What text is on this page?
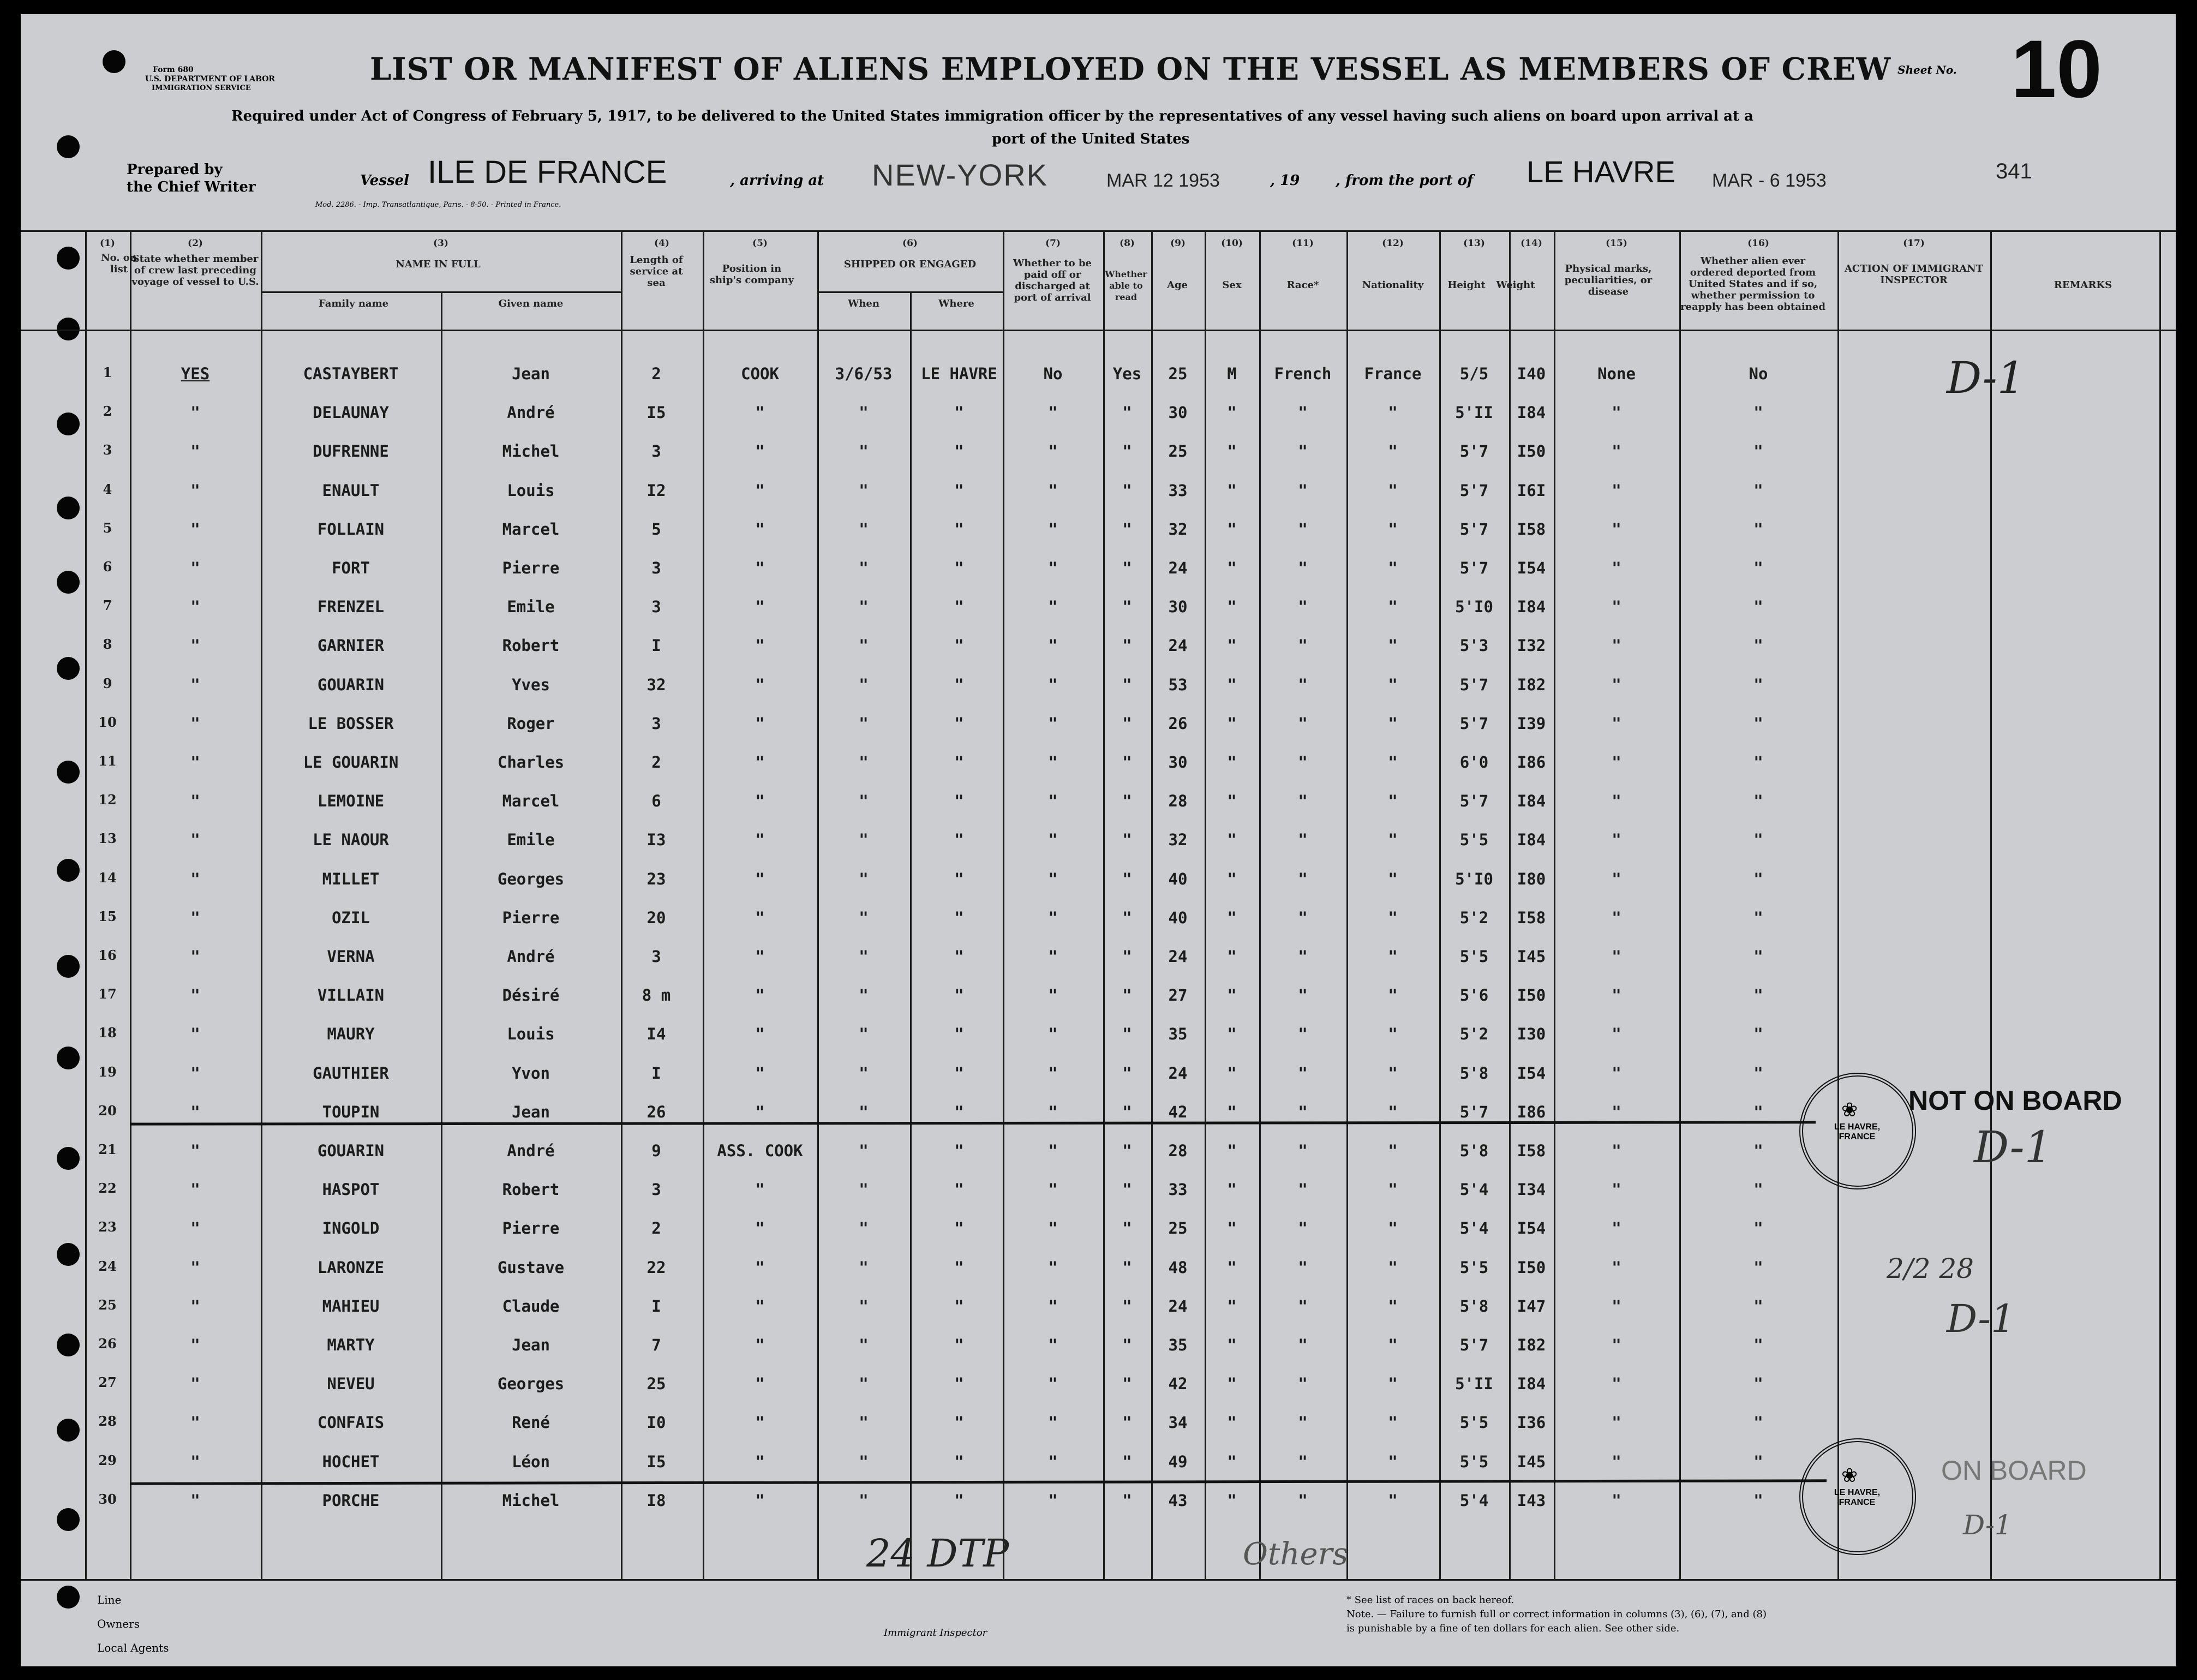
Form 680
U.S. DEPARTMENT OF LABOR
IMMIGRATION SERVICE
LIST OR MANIFEST OF ALIENS EMPLOYED ON THE VESSEL AS MEMBERS OF CREW Sheet No. 10
Required under Act of Congress of February 5, 1917, to be delivered to the United States immigration officer by the representatives of any vessel having such aliens on board upon arrival at a
port of the United States
Prepared by
the Chief Writer	Vessel ILE DE FRANCE	, arriving at NEW-YORK	MAR 12 1953	, 19	, from the port of LE HAVRE MAR - 6 1953	341
Mod. 2286. - Imp. Transatlantique, Paris. - 8-50. - Printed in France.
(1)	(2)	(3)	(4)	(5)	(6)	(7)	(8)	(9)	(10)	(11)	(12)	(13)	(14)	(15)	(16)	(17)
No. on list
State whether member of crew last preceding voyage of vessel to U.S.
NAME IN FULL
Family name	Given name
Length of service at sea
Position in ship's company
SHIPPED OR ENGAGED
When	Where
Whether to be paid off or discharged at port of arrival
Whether able to read
Age	Sex	Race*	Nationality	Height	Weight
Physical marks, peculiarities, or disease
Whether alien ever ordered deported from United States and if so, whether permission to reapply has been obtained
ACTION OF IMMIGRANT INSPECTOR	REMARKS
1	YES	CASTAYBERT	Jean	2	COOK	3/6/53	LE HAVRE	No	Yes	25	M	French	France	5/5	I40	None	No
2	"	DELAUNAY	André	I5	"	"	"	"	"	30	"	"	"	5'II	I84	"	"
3	"	DUFRENNE	Michel	3	"	"	"	"	"	25	"	"	"	5'7	I50	"	"
4	"	ENAULT	Louis	I2	"	"	"	"	"	33	"	"	"	5'7	I6I	"	"
5	"	FOLLAIN	Marcel	5	"	"	"	"	"	32	"	"	"	5'7	I58	"	"
6	"	FORT	Pierre	3	"	"	"	"	"	24	"	"	"	5'7	I54	"	"
7	"	FRENZEL	Emile	3	"	"	"	"	"	30	"	"	"	5'I0	I84	"	"
8	"	GARNIER	Robert	I	"	"	"	"	"	24	"	"	"	5'3	I32	"	"
9	"	GOUARIN	Yves	32	"	"	"	"	"	53	"	"	"	5'7	I82	"	"
10	"	LE BOSSER	Roger	3	"	"	"	"	"	26	"	"	"	5'7	I39	"	"
11	"	LE GOUARIN	Charles	2	"	"	"	"	"	30	"	"	"	6'0	I86	"	"
12	"	LEMOINE	Marcel	6	"	"	"	"	"	28	"	"	"	5'7	I84	"	"
13	"	LE NAOUR	Emile	I3	"	"	"	"	"	32	"	"	"	5'5	I84	"	"
14	"	MILLET	Georges	23	"	"	"	"	"	40	"	"	"	5'I0	I80	"	"
15	"	OZIL	Pierre	20	"	"	"	"	"	40	"	"	"	5'2	I58	"	"
16	"	VERNA	André	3	"	"	"	"	"	24	"	"	"	5'5	I45	"	"
17	"	VILLAIN	Désiré	8 m	"	"	"	"	"	27	"	"	"	5'6	I50	"	"
18	"	MAURY	Louis	I4	"	"	"	"	"	35	"	"	"	5'2	I30	"	"
19	"	GAUTHIER	Yvon	I	"	"	"	"	"	24	"	"	"	5'8	I54	"	"
20	"	TOUPIN	Jean	26	"	"	"	"	"	42	"	"	"	5'7	I86	"	"
21	"	GOUARIN	André	9	ASS. COOK	"	"	"	"	28	"	"	"	5'8	I58	"	"
22	"	HASPOT	Robert	3	"	"	"	"	"	33	"	"	"	5'4	I34	"	"
23	"	INGOLD	Pierre	2	"	"	"	"	"	25	"	"	"	5'4	I54	"	"
24	"	LARONZE	Gustave	22	"	"	"	"	"	48	"	"	"	5'5	I50	"	"
25	"	MAHIEU	Claude	I	"	"	"	"	"	24	"	"	"	5'8	I47	"	"
26	"	MARTY	Jean	7	"	"	"	"	"	35	"	"	"	5'7	I82	"	"
27	"	NEVEU	Georges	25	"	"	"	"	"	42	"	"	"	5'II	I84	"	"
28	"	CONFAIS	René	I0	"	"	"	"	"	34	"	"	"	5'5	I36	"	"
29	"	HOCHET	Léon	I5	"	"	"	"	"	49	"	"	"	5'5	I45	"	"
30	"	PORCHE	Michel	I8	"	"	"	"	"	43	"	"	"	5'4	I43	"	"
D-1
D-1
2/2 28
D-1
D-1
NOT ON BOARD
ON BOARD
LE HAVRE, FRANCE
❀
LE HAVRE, FRANCE
❀
24 DTP	Others
Line
Owners
Local Agents
Immigrant Inspector
* See list of races on back hereof.
Note. — Failure to furnish full or correct information in columns (3), (6), (7), and (8)
is punishable by a fine of ten dollars for each alien. See other side.
